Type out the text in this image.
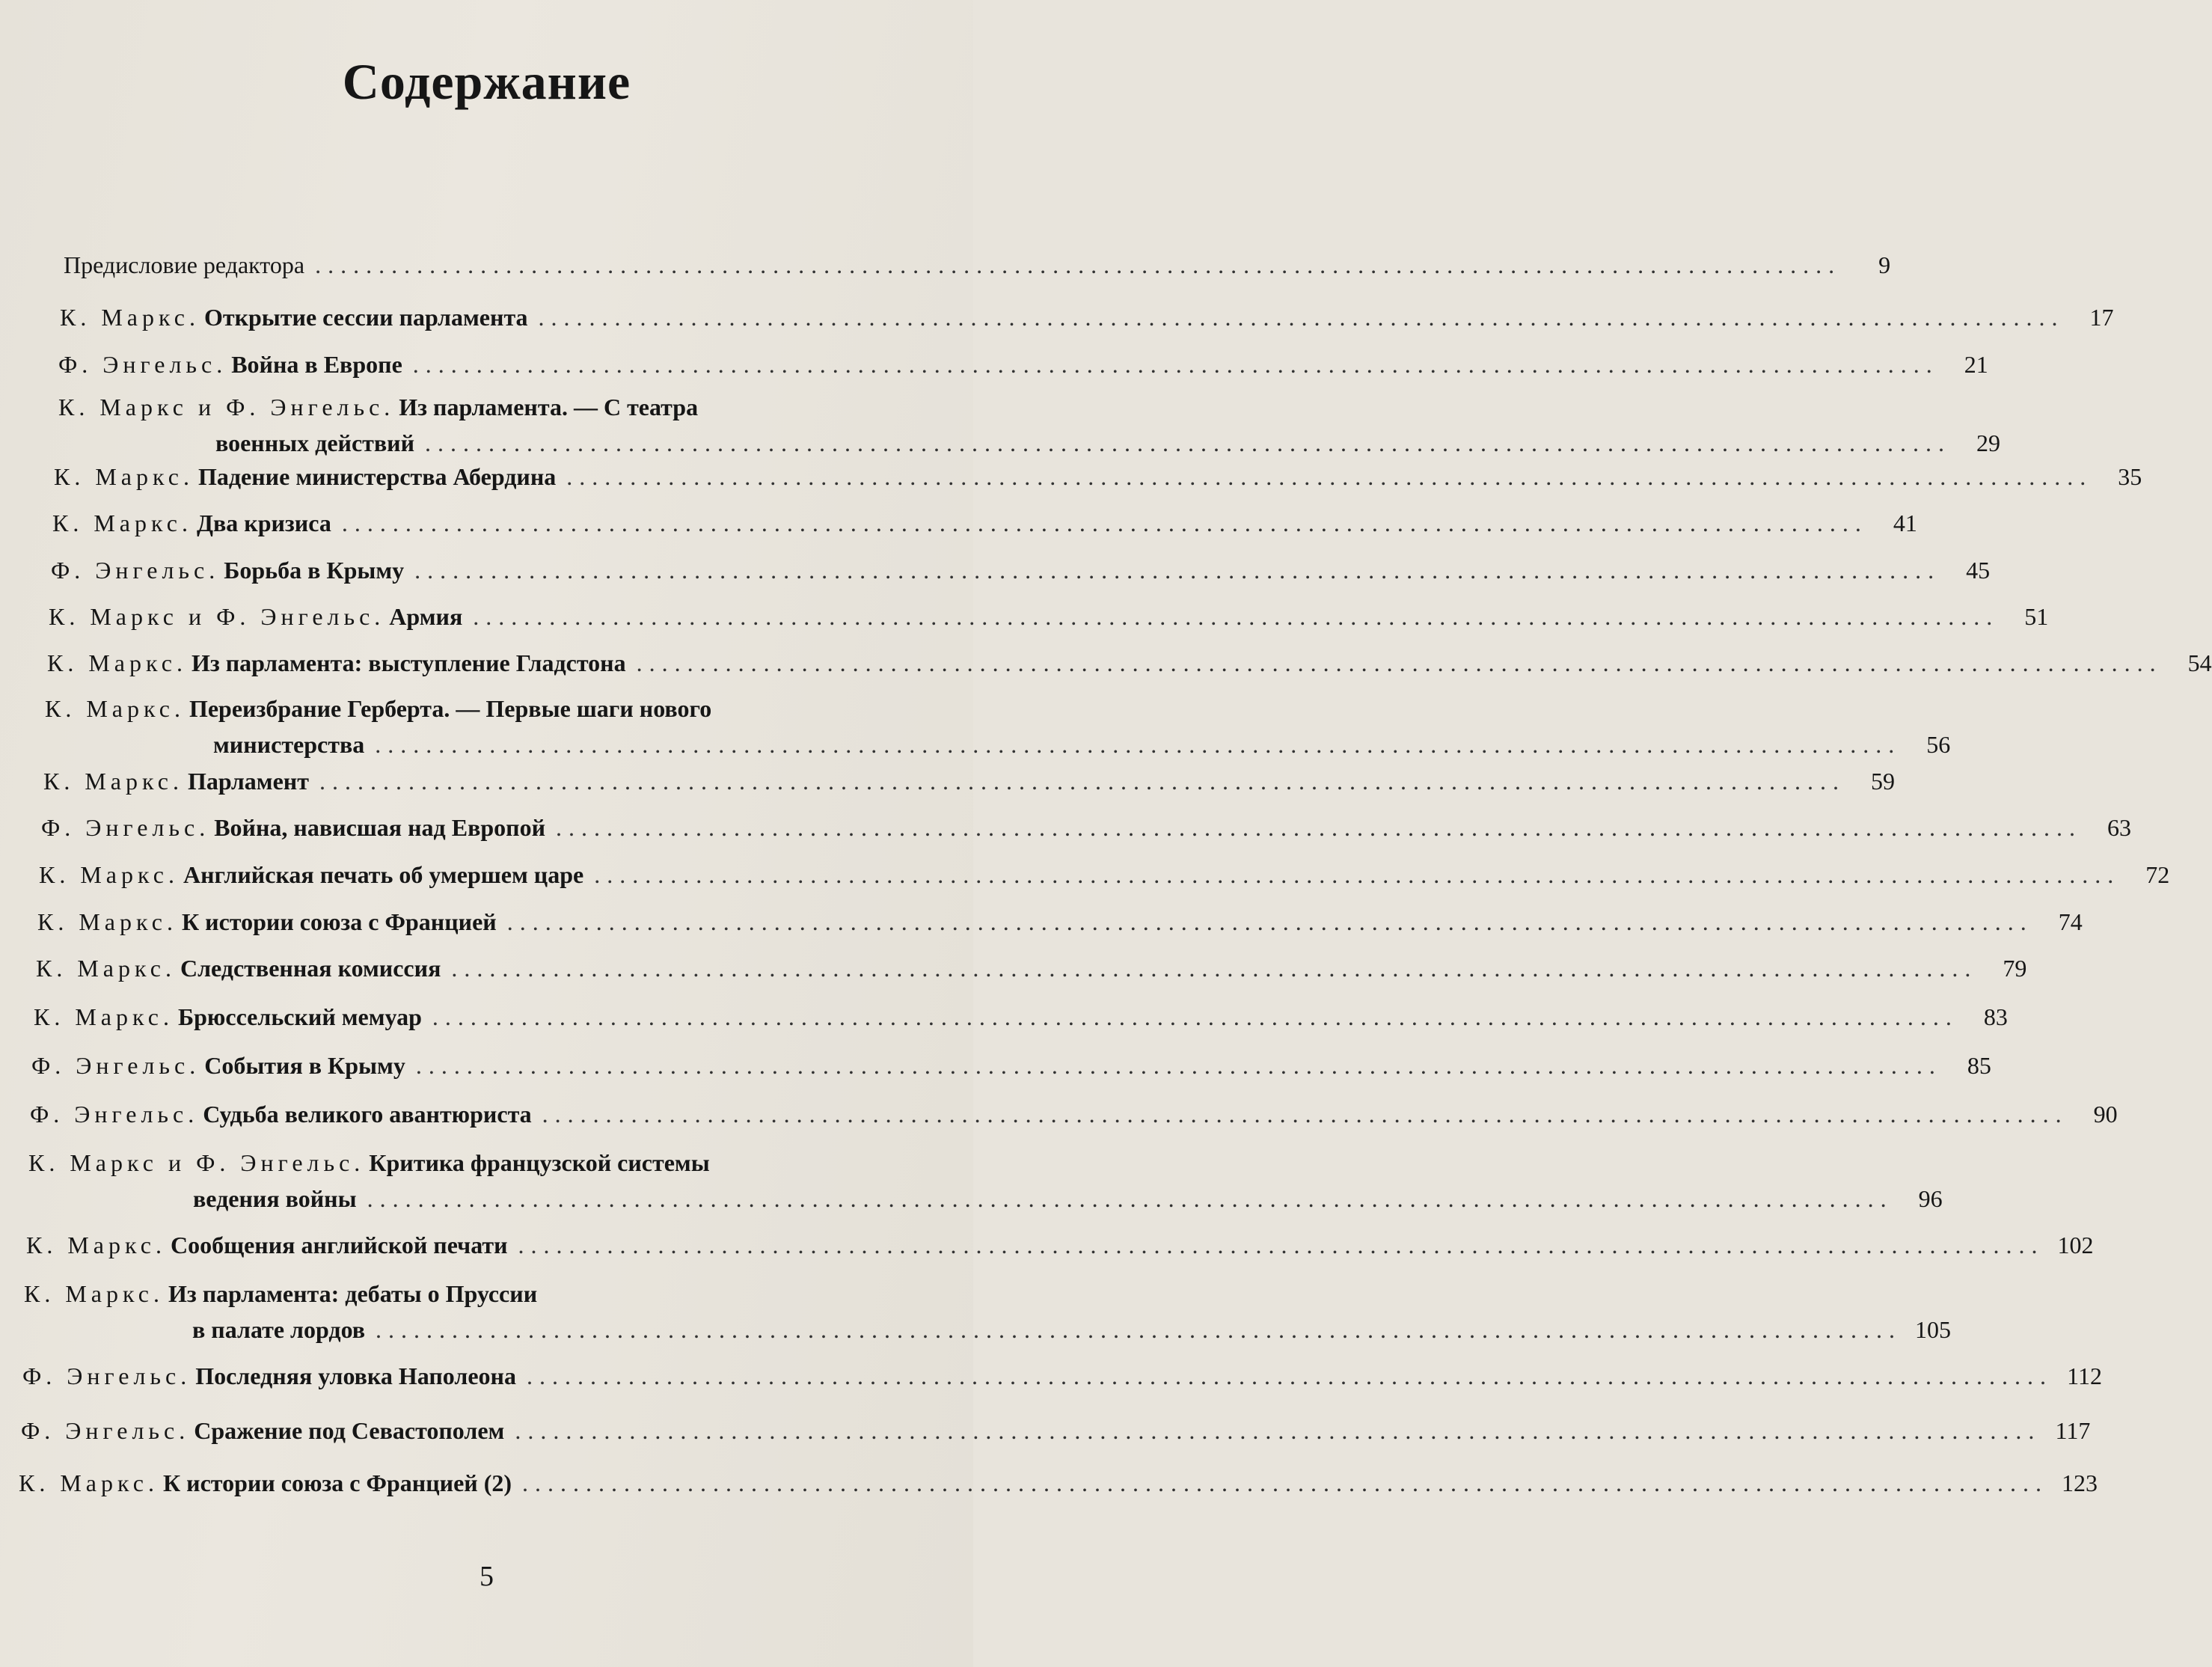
Содержание
Предисловие редактора ........................................................................................................................	9
К. Маркс. Открытие сессии парламента ........................................................................................................................	17
Ф. Энгельс. Война в Европе ........................................................................................................................	21
К. Маркс и Ф. Энгельс. Из парламента. — С театра
военных действий ........................................................................................................................	29
К. Маркс. Падение министерства Абердина ........................................................................................................................	35
К. Маркс. Два кризиса ........................................................................................................................	41
Ф. Энгельс. Борьба в Крыму ........................................................................................................................	45
К. Маркс и Ф. Энгельс. Армия ........................................................................................................................	51
К. Маркс. Из парламента: выступление Гладстона ........................................................................................................................	54
К. Маркс. Переизбрание Герберта. — Первые шаги нового
министерства ........................................................................................................................	56
К. Маркс. Парламент ........................................................................................................................	59
Ф. Энгельс. Война, нависшая над Европой ........................................................................................................................	63
К. Маркс. Английская печать об умершем царе ........................................................................................................................	72
К. Маркс. К истории союза с Францией ........................................................................................................................	74
К. Маркс. Следственная комиссия ........................................................................................................................	79
К. Маркс. Брюссельский мемуар ........................................................................................................................	83
Ф. Энгельс. События в Крыму ........................................................................................................................	85
Ф. Энгельс. Судьба великого авантюриста ........................................................................................................................	90
К. Маркс и Ф. Энгельс. Критика французской системы
ведения войны ........................................................................................................................	96
К. Маркс. Сообщения английской печати ........................................................................................................................ 102
К. Маркс. Из парламента: дебаты о Пруссии
в палате лордов ........................................................................................................................ 105
Ф. Энгельс. Последняя уловка Наполеона ........................................................................................................................ 112
Ф. Энгельс. Сражение под Севастополем ........................................................................................................................ 117
К. Маркс. К истории союза с Францией (2) ........................................................................................................................ 123
5
